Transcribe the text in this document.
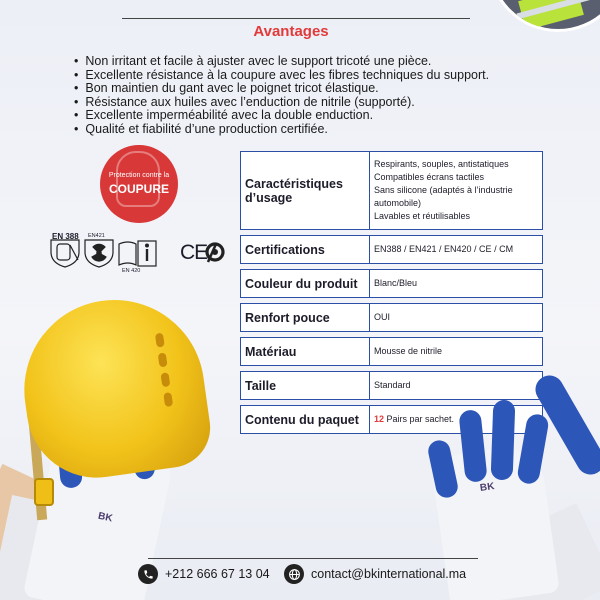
Avantages
• Non irritant et facile à ajuster avec le support tricoté une pièce.
• Excellente résistance à la coupure avec les fibres techniques du support.
• Bon maintien du gant avec le poignet tricot élastique.
• Résistance aux huiles avec l’enduction de nitrile (supporté).
• Excellente imperméabilité avec la double enduction.
• Qualité et fiabilité d’une production certifiée.
Protection contre la
COUPURE
EN 388 EN421
CE
EN 420
Caractéristiques d’usage	Respirants, souples, antistatiques
Compatibles écrans tactiles
Sans silicone (adaptés à l’industrie automobile)
Lavables et réutilisables

Certifications	EN388 / EN421 / EN420 / CE / CM
Couleur du produit	Blanc/Bleu
Renfort pouce	OUI
Matériau	Mousse de nitrile
Taille	Standard
Contenu du paquet	12 Pairs par sachet.
BK
BK
+212 666 67 13 04	contact@bkinternational.ma
